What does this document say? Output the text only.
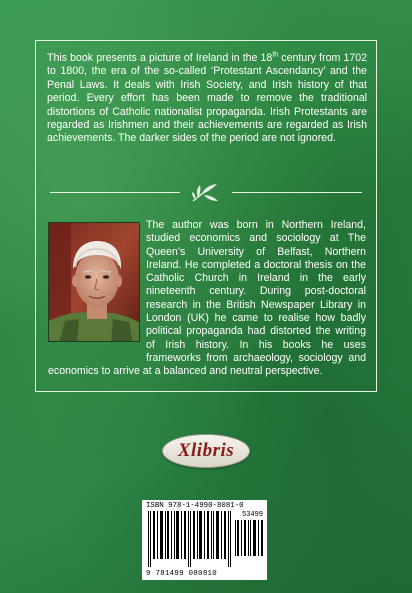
This book presents a picture of Ireland in the 18th century from 1702 to 1800, the era of the so-called ‘Protestant Ascendancy’ and the Penal Laws. It deals with Irish Society, and Irish history of that period. Every effort has been made to remove the traditional distortions of Catholic nationalist propaganda. Irish Protestants are regarded as Irishmen and their achievements are regarded as Irish achievements. The darker sides of the period are not ignored.

The author was born in Northern Ireland, studied economics and sociology at The Queen’s University of Belfast, Northern Ireland. He completed a doctoral thesis on the Catholic Church in Ireland in the early nineteenth century. During post-doctoral research in the British Newspaper Library in London (UK) he came to realise how badly political propaganda had distorted the writing of Irish history. In his books he uses frameworks from archaeology, sociology and economics to arrive at a balanced and neutral perspective.

Xlibris
ISBN 978-1-4990-8081-0
53499
9 781499 080810
